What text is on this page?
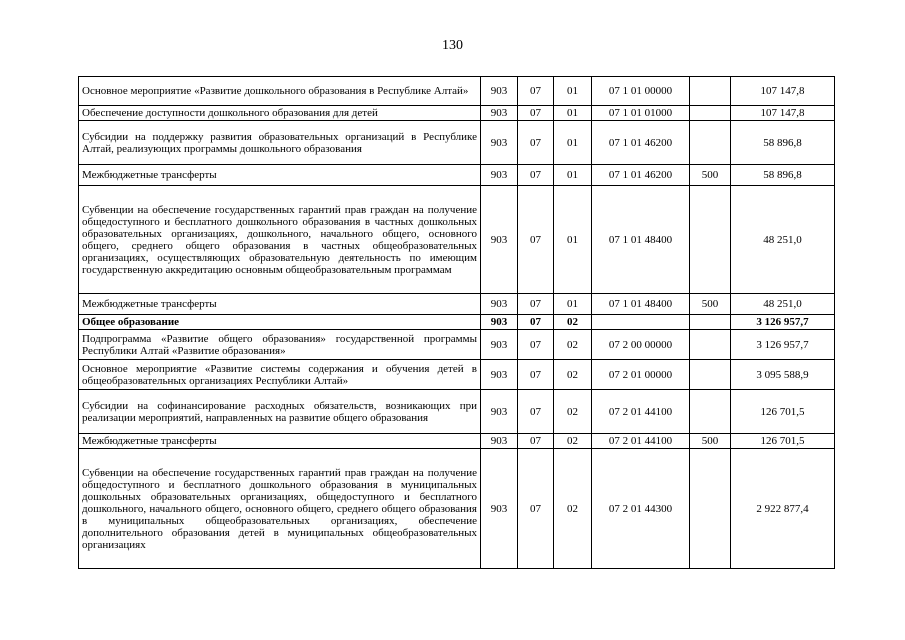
130
Основное мероприятие «Развитие дошкольного образования в Республике Алтай»	903	07	01	07 1 01 00000		107 147,8
Обеспечение доступности дошкольного образования для детей	903	07	01	07 1 01 01000		107 147,8
Субсидии на поддержку развития образовательных организаций в Республике Алтай, реализующих программы дошкольного образования	903	07	01	07 1 01 46200		58 896,8
Межбюджетные трансферты	903	07	01	07 1 01 46200	500	58 896,8
Субвенции на обеспечение государственных гарантий прав граждан на получение общедоступного и бесплатного дошкольного образования в частных дошкольных образовательных организациях, дошкольного, начального общего, основного общего, среднего общего образования в частных общеобразовательных организациях, осуществляющих образовательную деятельность по имеющим государственную аккредитацию основным общеобразовательным программам	903	07	01	07 1 01 48400		48 251,0
Межбюджетные трансферты	903	07	01	07 1 01 48400	500	48 251,0
Общее образование	903	07	02			3 126 957,7
Подпрограмма «Развитие общего образования» государственной программы Республики Алтай «Развитие образования»	903	07	02	07 2 00 00000		3 126 957,7
Основное мероприятие «Развитие системы содержания и обучения детей в общеобразовательных организациях Республики Алтай»	903	07	02	07 2 01 00000		3 095 588,9
Субсидии на софинансирование расходных обязательств, возникающих при реализации мероприятий, направленных на развитие общего образования	903	07	02	07 2 01 44100		126 701,5
Межбюджетные трансферты	903	07	02	07 2 01 44100	500	126 701,5
Субвенции на обеспечение государственных гарантий прав граждан на получение общедоступного и бесплатного дошкольного образования в муниципальных дошкольных образовательных организациях, общедоступного и бесплатного дошкольного, начального общего, основного общего, среднего общего образования в муниципальных общеобразовательных организациях, обеспечение дополнительного образования детей в муниципальных общеобразовательных организациях	903	07	02	07 2 01 44300		2 922 877,4
